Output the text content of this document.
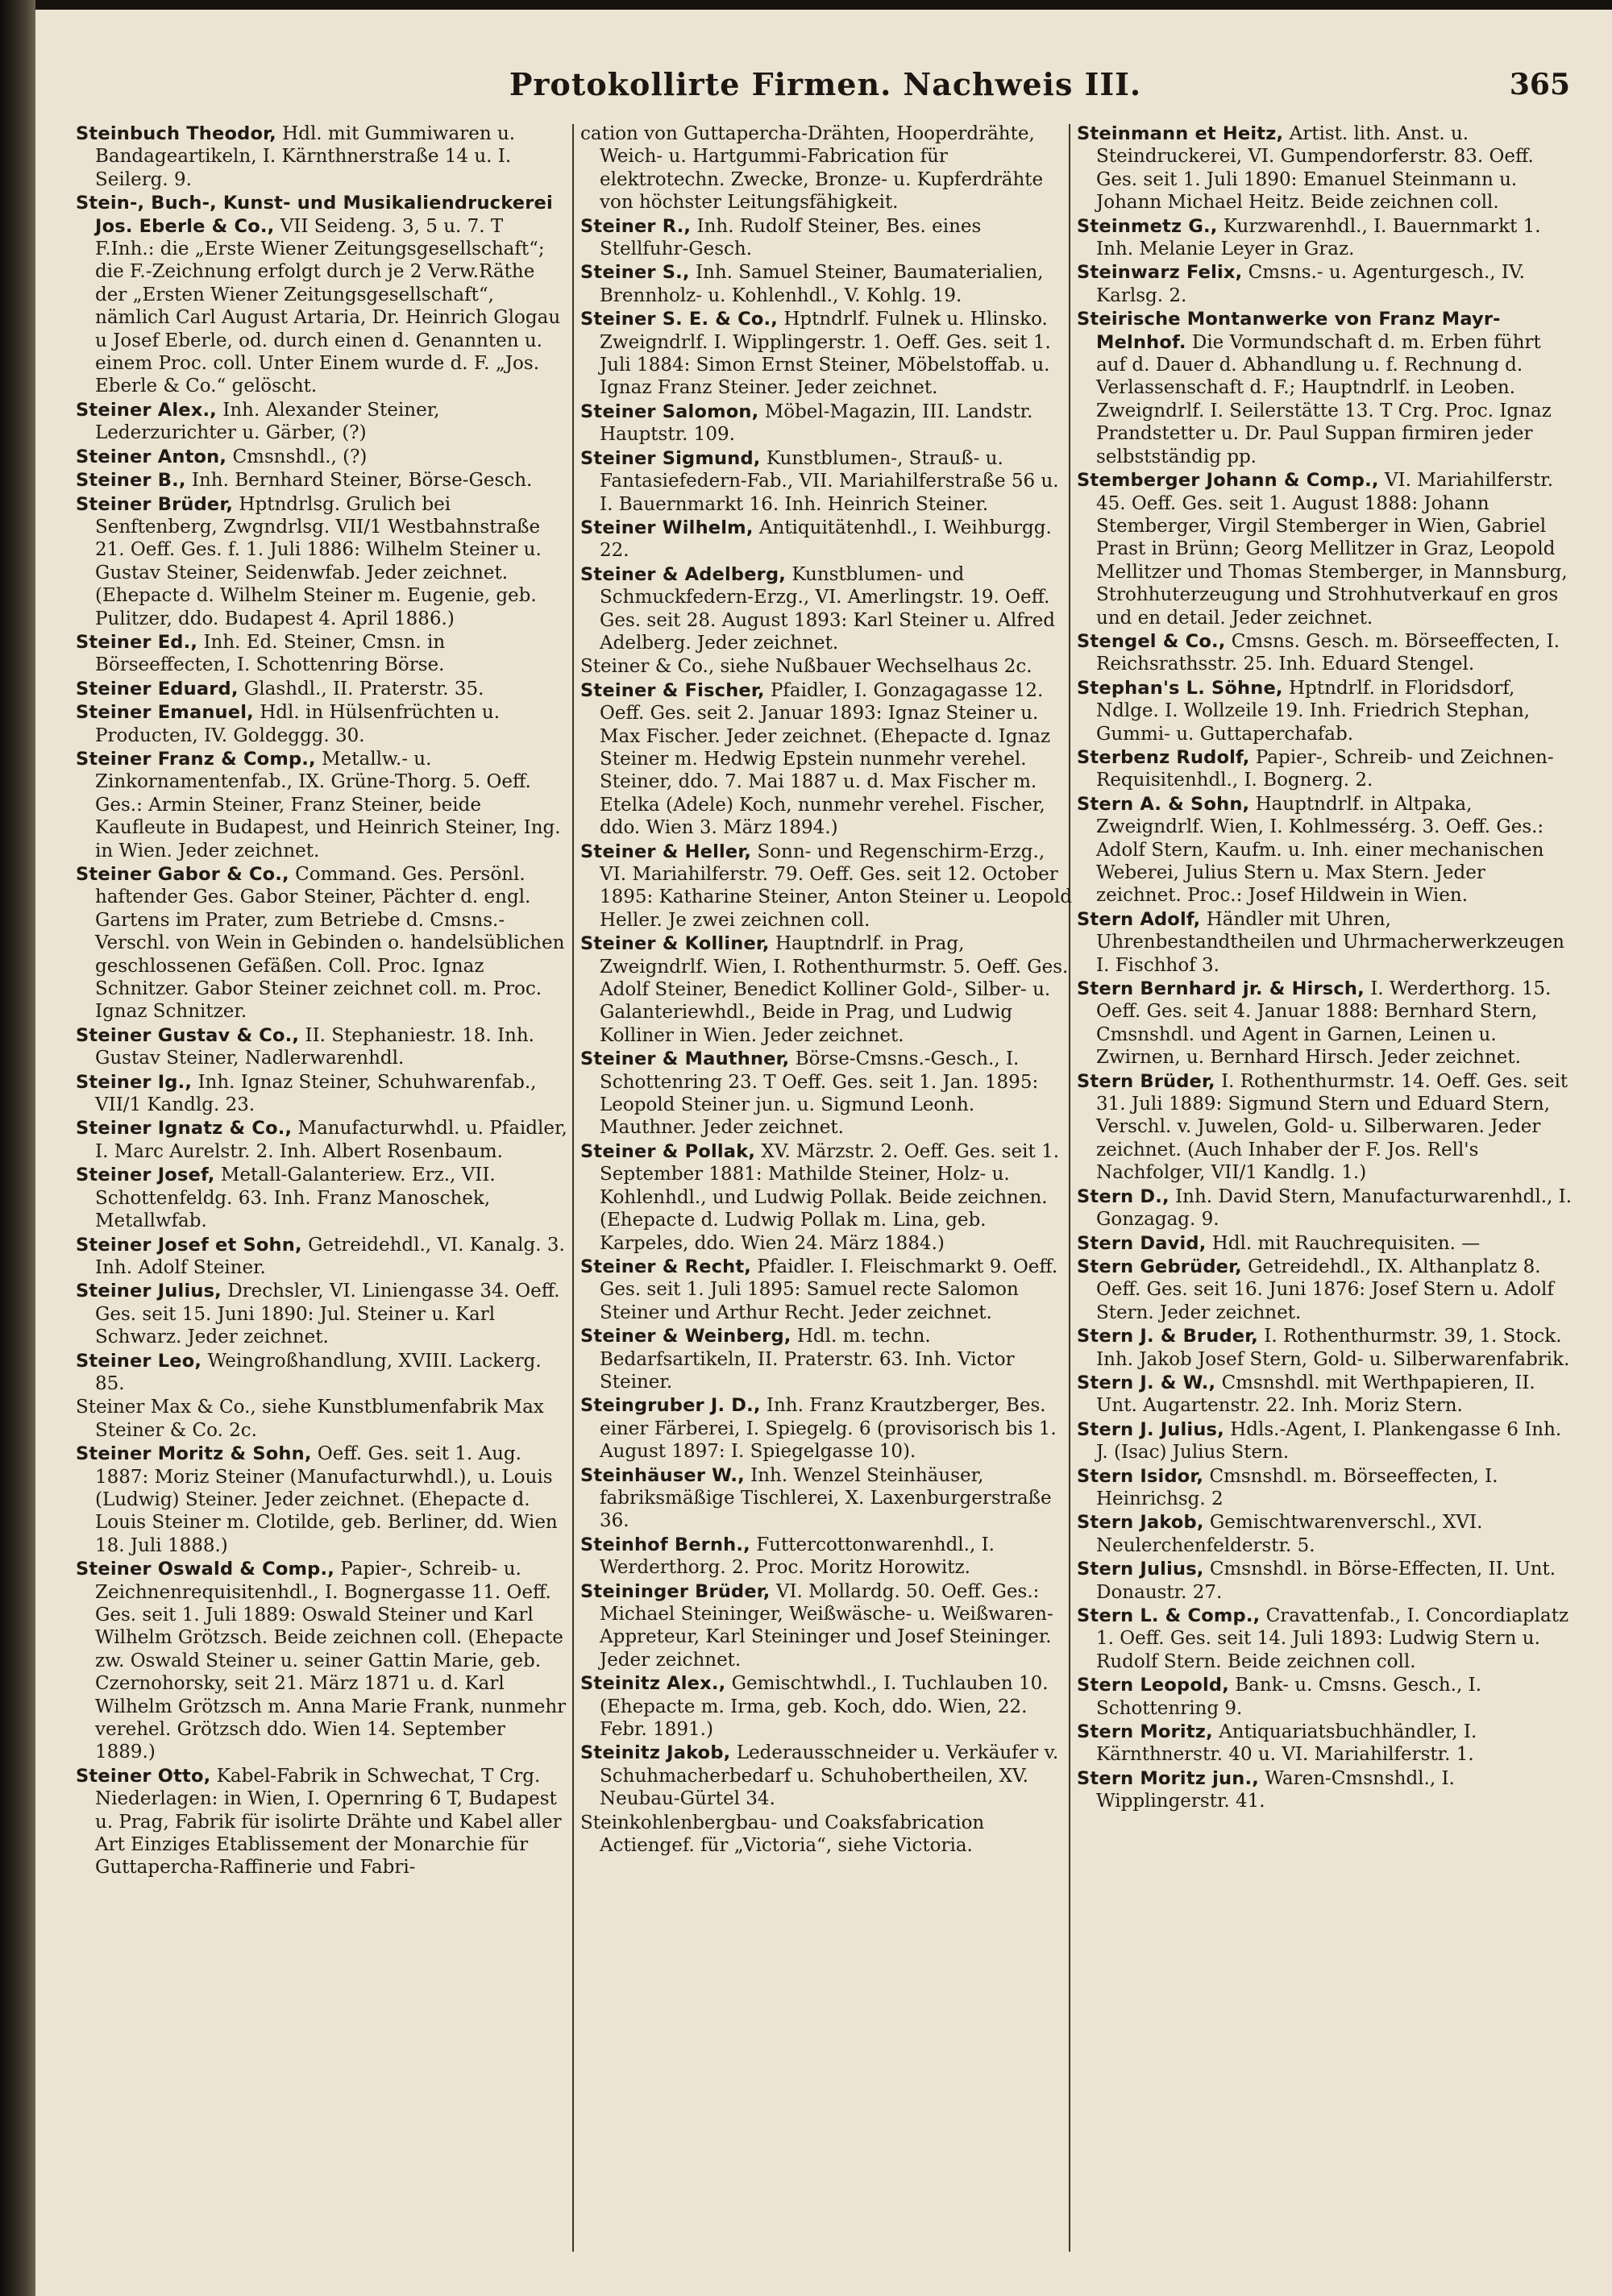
Protokollirte Firmen. Nachweis III.	365

Steinbuch Theodor, Hdl. mit Gummiwaren u. Bandageartikeln, I. Kärnthnerstraße 14 u. I. Seilerg. 9.

Stein-, Buch-, Kunst- und Musikaliendruckerei Jos. Eberle & Co., VII Seideng. 3, 5 u. 7. T F.Inh.: die „Erste Wiener Zeitungsgesellschaft“; die F.-Zeichnung erfolgt durch je 2 Verw.Räthe der „Ersten Wiener Zeitungsgesellschaft“, nämlich Carl August Artaria, Dr. Heinrich Glogau u Josef Eberle, od. durch einen d. Genannten u. einem Proc. coll. Unter Einem wurde d. F. „Jos. Eberle & Co.“ gelöscht.

Steiner Alex., Inh. Alexander Steiner, Lederzurichter u. Gärber, (?)

Steiner Anton, Cmsnshdl., (?)

Steiner B., Inh. Bernhard Steiner, Börse-Gesch.

Steiner Brüder, Hptndrlsg. Grulich bei Senftenberg, Zwgndrlsg. VII/1 Westbahnstraße 21. Oeff. Ges. f. 1. Juli 1886: Wilhelm Steiner u. Gustav Steiner, Seidenwfab. Jeder zeichnet. (Ehepacte d. Wilhelm Steiner m. Eugenie, geb. Pulitzer, ddo. Budapest 4. April 1886.)

Steiner Ed., Inh. Ed. Steiner, Cmsn. in Börseeffecten, I. Schottenring Börse.

Steiner Eduard, Glashdl., II. Praterstr. 35.

Steiner Emanuel, Hdl. in Hülsenfrüchten u. Producten, IV. Goldeggg. 30.

Steiner Franz & Comp., Metallw.- u. Zinkornamentenfab., IX. Grüne-Thorg. 5. Oeff. Ges.: Armin Steiner, Franz Steiner, beide Kaufleute in Budapest, und Heinrich Steiner, Ing. in Wien. Jeder zeichnet.

Steiner Gabor & Co., Command. Ges. Persönl. haftender Ges. Gabor Steiner, Pächter d. engl. Gartens im Prater, zum Betriebe d. Cmsns.-Verschl. von Wein in Gebinden o. handelsüblichen geschlossenen Gefäßen. Coll. Proc. Ignaz Schnitzer. Gabor Steiner zeichnet coll. m. Proc. Ignaz Schnitzer.

Steiner Gustav & Co., II. Stephaniestr. 18. Inh. Gustav Steiner, Nadlerwarenhdl.

Steiner Ig., Inh. Ignaz Steiner, Schuhwarenfab., VII/1 Kandlg. 23.

Steiner Ignatz & Co., Manufacturwhdl. u. Pfaidler, I. Marc Aurelstr. 2. Inh. Albert Rosenbaum.

Steiner Josef, Metall-Galanteriew. Erz., VII. Schottenfeldg. 63. Inh. Franz Manoschek, Metallwfab.

Steiner Josef et Sohn, Getreidehdl., VI. Kanalg. 3. Inh. Adolf Steiner.

Steiner Julius, Drechsler, VI. Liniengasse 34. Oeff. Ges. seit 15. Juni 1890: Jul. Steiner u. Karl Schwarz. Jeder zeichnet.

Steiner Leo, Weingroßhandlung, XVIII. Lackerg. 85.

Steiner Max & Co., siehe Kunstblumenfabrik Max Steiner & Co. 2c.

Steiner Moritz & Sohn, Oeff. Ges. seit 1. Aug. 1887: Moriz Steiner (Manufacturwhdl.), u. Louis (Ludwig) Steiner. Jeder zeichnet. (Ehepacte d. Louis Steiner m. Clotilde, geb. Berliner, dd. Wien 18. Juli 1888.)

Steiner Oswald & Comp., Papier-, Schreib- u. Zeichnenrequisitenhdl., I. Bognergasse 11. Oeff. Ges. seit 1. Juli 1889: Oswald Steiner und Karl Wilhelm Grötzsch. Beide zeichnen coll. (Ehepacte zw. Oswald Steiner u. seiner Gattin Marie, geb. Czernohorsky, seit 21. März 1871 u. d. Karl Wilhelm Grötzsch m. Anna Marie Frank, nunmehr verehel. Grötzsch ddo. Wien 14. September 1889.)

Steiner Otto, Kabel-Fabrik in Schwechat, T Crg. Niederlagen: in Wien, I. Opernring 6 T, Budapest u. Prag, Fabrik für isolirte Drähte und Kabel aller Art Einziges Etablissement der Monarchie für Guttapercha-Raffinerie und Fabri-

cation von Guttapercha-Drähten, Hooperdrähte, Weich- u. Hartgummi-Fabrication für elektrotechn. Zwecke, Bronze- u. Kupferdrähte von höchster Leitungsfähigkeit.

Steiner R., Inh. Rudolf Steiner, Bes. eines Stellfuhr-Gesch.

Steiner S., Inh. Samuel Steiner, Baumaterialien, Brennholz- u. Kohlenhdl., V. Kohlg. 19.

Steiner S. E. & Co., Hptndrlf. Fulnek u. Hlinsko. Zweigndrlf. I. Wipplingerstr. 1. Oeff. Ges. seit 1. Juli 1884: Simon Ernst Steiner, Möbelstoffab. u. Ignaz Franz Steiner. Jeder zeichnet.

Steiner Salomon, Möbel-Magazin, III. Landstr. Hauptstr. 109.

Steiner Sigmund, Kunstblumen-, Strauß- u. Fantasiefedern-Fab., VII. Mariahilferstraße 56 u. I. Bauernmarkt 16. Inh. Heinrich Steiner.

Steiner Wilhelm, Antiquitätenhdl., I. Weihburgg. 22.

Steiner & Adelberg, Kunstblumen- und Schmuckfedern-Erzg., VI. Amerlingstr. 19. Oeff. Ges. seit 28. August 1893: Karl Steiner u. Alfred Adelberg. Jeder zeichnet.

Steiner & Co., siehe Nußbauer Wechselhaus 2c.

Steiner & Fischer, Pfaidler, I. Gonzagagasse 12. Oeff. Ges. seit 2. Januar 1893: Ignaz Steiner u. Max Fischer. Jeder zeichnet. (Ehepacte d. Ignaz Steiner m. Hedwig Epstein nunmehr verehel. Steiner, ddo. 7. Mai 1887 u. d. Max Fischer m. Etelka (Adele) Koch, nunmehr verehel. Fischer, ddo. Wien 3. März 1894.)

Steiner & Heller, Sonn- und Regenschirm-Erzg., VI. Mariahilferstr. 79. Oeff. Ges. seit 12. October 1895: Katharine Steiner, Anton Steiner u. Leopold Heller. Je zwei zeichnen coll.

Steiner & Kolliner, Hauptndrlf. in Prag, Zweigndrlf. Wien, I. Rothenthurmstr. 5. Oeff. Ges. Adolf Steiner, Benedict Kolliner Gold-, Silber- u. Galanteriewhdl., Beide in Prag, und Ludwig Kolliner in Wien. Jeder zeichnet.

Steiner & Mauthner, Börse-Cmsns.-Gesch., I. Schottenring 23. T Oeff. Ges. seit 1. Jan. 1895: Leopold Steiner jun. u. Sigmund Leonh. Mauthner. Jeder zeichnet.

Steiner & Pollak, XV. Märzstr. 2. Oeff. Ges. seit 1. September 1881: Mathilde Steiner, Holz- u. Kohlenhdl., und Ludwig Pollak. Beide zeichnen. (Ehepacte d. Ludwig Pollak m. Lina, geb. Karpeles, ddo. Wien 24. März 1884.)

Steiner & Recht, Pfaidler. I. Fleischmarkt 9. Oeff. Ges. seit 1. Juli 1895: Samuel recte Salomon Steiner und Arthur Recht. Jeder zeichnet.

Steiner & Weinberg, Hdl. m. techn. Bedarfsartikeln, II. Praterstr. 63. Inh. Victor Steiner.

Steingruber J. D., Inh. Franz Krautzberger, Bes. einer Färberei, I. Spiegelg. 6 (provisorisch bis 1. August 1897: I. Spiegelgasse 10).

Steinhäuser W., Inh. Wenzel Steinhäuser, fabriksmäßige Tischlerei, X. Laxenburgerstraße 36.

Steinhof Bernh., Futtercottonwarenhdl., I. Werderthorg. 2. Proc. Moritz Horowitz.

Steininger Brüder, VI. Mollardg. 50. Oeff. Ges.: Michael Steininger, Weißwäsche- u. Weißwaren-Appreteur, Karl Steininger und Josef Steininger. Jeder zeichnet.

Steinitz Alex., Gemischtwhdl., I. Tuchlauben 10. (Ehepacte m. Irma, geb. Koch, ddo. Wien, 22. Febr. 1891.)

Steinitz Jakob, Lederausschneider u. Verkäufer v. Schuhmacherbedarf u. Schuhobertheilen, XV. Neubau-Gürtel 34.

Steinkohlenbergbau- und Coaksfabrication Actiengef. für „Victoria“, siehe Victoria.

Steinmann et Heitz, Artist. lith. Anst. u. Steindruckerei, VI. Gumpendorferstr. 83. Oeff. Ges. seit 1. Juli 1890: Emanuel Steinmann u. Johann Michael Heitz. Beide zeichnen coll.

Steinmetz G., Kurzwarenhdl., I. Bauernmarkt 1. Inh. Melanie Leyer in Graz.

Steinwarz Felix, Cmsns.- u. Agenturgesch., IV. Karlsg. 2.

Steirische Montanwerke von Franz Mayr-Melnhof. Die Vormundschaft d. m. Erben führt auf d. Dauer d. Abhandlung u. f. Rechnung d. Verlassenschaft d. F.; Hauptndrlf. in Leoben. Zweigndrlf. I. Seilerstätte 13. T Crg. Proc. Ignaz Prandstetter u. Dr. Paul Suppan firmiren jeder selbstständig pp.

Stemberger Johann & Comp., VI. Mariahilferstr. 45. Oeff. Ges. seit 1. August 1888: Johann Stemberger, Virgil Stemberger in Wien, Gabriel Prast in Brünn; Georg Mellitzer in Graz, Leopold Mellitzer und Thomas Stemberger, in Mannsburg, Strohhuterzeugung und Strohhutverkauf en gros und en detail. Jeder zeichnet.

Stengel & Co., Cmsns. Gesch. m. Börseeffecten, I. Reichsrathsstr. 25. Inh. Eduard Stengel.

Stephan's L. Söhne, Hptndrlf. in Floridsdorf, Ndlge. I. Wollzeile 19. Inh. Friedrich Stephan, Gummi- u. Guttaperchafab.

Sterbenz Rudolf, Papier-, Schreib- und Zeichnen-Requisitenhdl., I. Bognerg. 2.

Stern A. & Sohn, Hauptndrlf. in Altpaka, Zweigndrlf. Wien, I. Kohlmessérg. 3. Oeff. Ges.: Adolf Stern, Kaufm. u. Inh. einer mechanischen Weberei, Julius Stern u. Max Stern. Jeder zeichnet. Proc.: Josef Hildwein in Wien.

Stern Adolf, Händler mit Uhren, Uhrenbestandtheilen und Uhrmacherwerkzeugen I. Fischhof 3.

Stern Bernhard jr. & Hirsch, I. Werderthorg. 15. Oeff. Ges. seit 4. Januar 1888: Bernhard Stern, Cmsnshdl. und Agent in Garnen, Leinen u. Zwirnen, u. Bernhard Hirsch. Jeder zeichnet.

Stern Brüder, I. Rothenthurmstr. 14. Oeff. Ges. seit 31. Juli 1889: Sigmund Stern und Eduard Stern, Verschl. v. Juwelen, Gold- u. Silberwaren. Jeder zeichnet. (Auch Inhaber der F. Jos. Rell's Nachfolger, VII/1 Kandlg. 1.)

Stern D., Inh. David Stern, Manufacturwarenhdl., I. Gonzagag. 9.

Stern David, Hdl. mit Rauchrequisiten. —

Stern Gebrüder, Getreidehdl., IX. Althanplatz 8. Oeff. Ges. seit 16. Juni 1876: Josef Stern u. Adolf Stern. Jeder zeichnet.

Stern J. & Bruder, I. Rothenthurmstr. 39, 1. Stock. Inh. Jakob Josef Stern, Gold- u. Silberwarenfabrik.

Stern J. & W., Cmsnshdl. mit Werthpapieren, II. Unt. Augartenstr. 22. Inh. Moriz Stern.

Stern J. Julius, Hdls.-Agent, I. Plankengasse 6 Inh. J. (Isac) Julius Stern.

Stern Isidor, Cmsnshdl. m. Börseeffecten, I. Heinrichsg. 2

Stern Jakob, Gemischtwarenverschl., XVI. Neulerchenfelderstr. 5.

Stern Julius, Cmsnshdl. in Börse-Effecten, II. Unt. Donaustr. 27.

Stern L. & Comp., Cravattenfab., I. Concordiaplatz 1. Oeff. Ges. seit 14. Juli 1893: Ludwig Stern u. Rudolf Stern. Beide zeichnen coll.

Stern Leopold, Bank- u. Cmsns. Gesch., I. Schottenring 9.

Stern Moritz, Antiquariatsbuchhändler, I. Kärnthnerstr. 40 u. VI. Mariahilferstr. 1.

Stern Moritz jun., Waren-Cmsnshdl., I. Wipplingerstr. 41.
